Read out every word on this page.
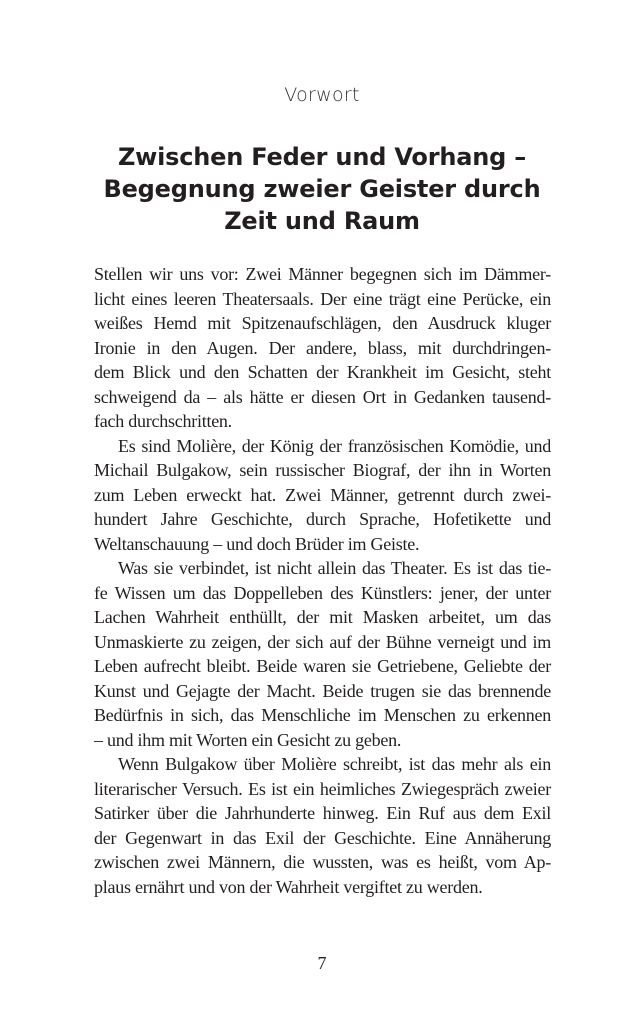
Vorwort
Zwischen Feder und Vorhang –
Begegnung zweier Geister durch
Zeit und Raum
Stellen wir uns vor: Zwei Männer begegnen sich im Dämmer-
licht eines leeren Theatersaals. Der eine trägt eine Perücke, ein
weißes Hemd mit Spitzenaufschlägen, den Ausdruck kluger
Ironie in den Augen. Der andere, blass, mit durchdringen-
dem Blick und den Schatten der Krankheit im Gesicht, steht
schweigend da – als hätte er diesen Ort in Gedanken tausend-
fach durchschritten.
Es sind Molière, der König der französischen Komödie, und
Michail Bulgakow, sein russischer Biograf, der ihn in Worten
zum Leben erweckt hat. Zwei Männer, getrennt durch zwei-
hundert Jahre Geschichte, durch Sprache, Hofetikette und
Weltanschauung – und doch Brüder im Geiste.
Was sie verbindet, ist nicht allein das Theater. Es ist das tie-
fe Wissen um das Doppelleben des Künstlers: jener, der unter
Lachen Wahrheit enthüllt, der mit Masken arbeitet, um das
Unmaskierte zu zeigen, der sich auf der Bühne verneigt und im
Leben aufrecht bleibt. Beide waren sie Getriebene, Geliebte der
Kunst und Gejagte der Macht. Beide trugen sie das brennende
Bedürfnis in sich, das Menschliche im Menschen zu erkennen
– und ihm mit Worten ein Gesicht zu geben.
Wenn Bulgakow über Molière schreibt, ist das mehr als ein
literarischer Versuch. Es ist ein heimliches Zwiegespräch zweier
Satirker über die Jahrhunderte hinweg. Ein Ruf aus dem Exil
der Gegenwart in das Exil der Geschichte. Eine Annäherung
zwischen zwei Männern, die wussten, was es heißt, vom Ap-
plaus ernährt und von der Wahrheit vergiftet zu werden.
7
